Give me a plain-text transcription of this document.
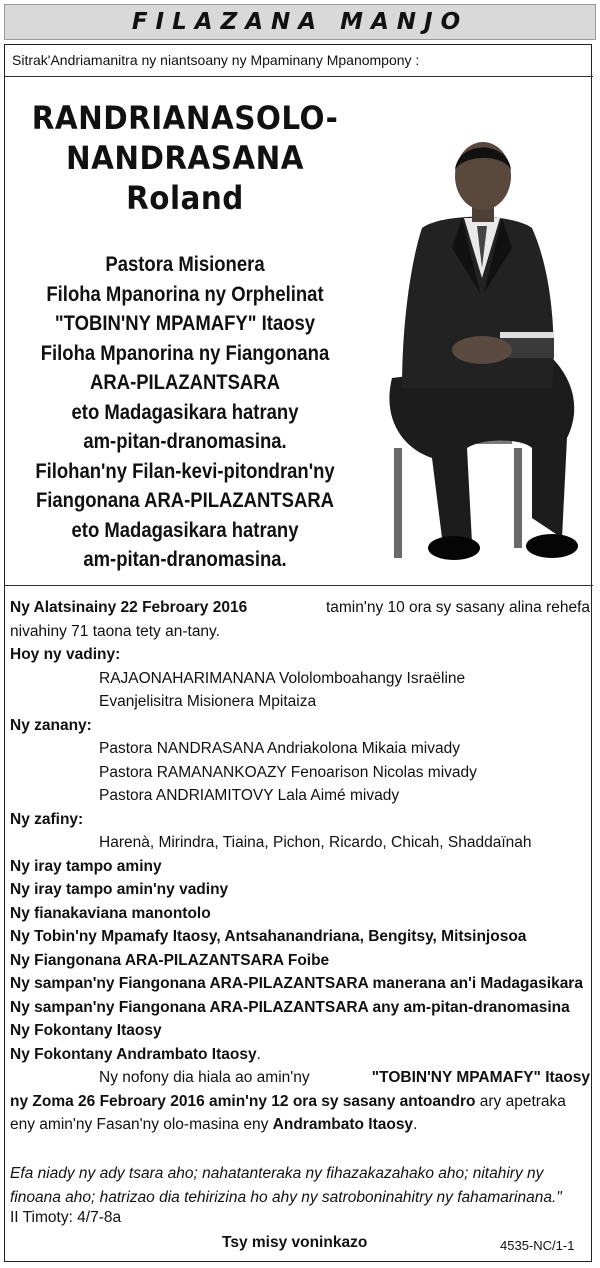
FILAZANA MANJO
Sitrak'Andriamanitra ny niantsoany ny Mpaminany Mpanompony :
RANDRIANASOLO-
NANDRASANA
Roland
Pastora Misionera
Filoha Mpanorina ny Orphelinat
"TOBIN'NY MPAMAFY" Itaosy
Filoha Mpanorina ny Fiangonana
ARA-PILAZANTSARA
eto Madagasikara hatrany
am-pitan-dranomasina.
Filohan'ny Filan-kevi-pitondran'ny
Fiangonana ARA-PILAZANTSARA
eto Madagasikara hatrany
am-pitan-dranomasina.
Ny Alatsinainy 22 Febroary 2016	tamin'ny 10 ora sy sasany alina rehefa
nivahiny 71 taona tety an-tany.
Hoy ny vadiny:
RAJAONAHARIMANANA Vololomboahangy Israëline
Evanjelisitra Misionera Mpitaiza
Ny zanany:
Pastora NANDRASANA Andriakolona Mikaia mivady
Pastora RAMANANKOAZY Fenoarison Nicolas mivady
Pastora ANDRIAMITOVY Lala Aimé mivady
Ny zafiny:
Harenà, Mirindra, Tiaina, Pichon, Ricardo, Chicah, Shaddaïnah
Ny iray tampo aminy
Ny iray tampo amin'ny vadiny
Ny fianakaviana manontolo
Ny Tobin'ny Mpamafy Itaosy, Antsahanandriana, Bengitsy, Mitsinjosoa
Ny Fiangonana ARA-PILAZANTSARA Foibe
Ny sampan'ny Fiangonana ARA-PILAZANTSARA manerana an'i Madagasikara
Ny sampan'ny Fiangonana ARA-PILAZANTSARA any am-pitan-dranomasina
Ny Fokontany Itaosy
Ny Fokontany Andrambato Itaosy.
Ny nofony dia hiala ao amin'ny	"TOBIN'NY MPAMAFY" Itaosy
ny Zoma 26 Febroary 2016 amin'ny 12 ora sy sasany antoandro ary apetraka
eny amin'ny Fasan'ny olo-masina eny Andrambato Itaosy.
Efa niady ny ady tsara aho; nahatanteraka ny fihazakazahako aho; nitahiry ny
finoana aho; hatrizao dia tehirizina ho ahy ny satroboninahitry ny fahamarinana."
II Timoty: 4/7-8a
Tsy misy voninkazo	4535-NC/1-1
